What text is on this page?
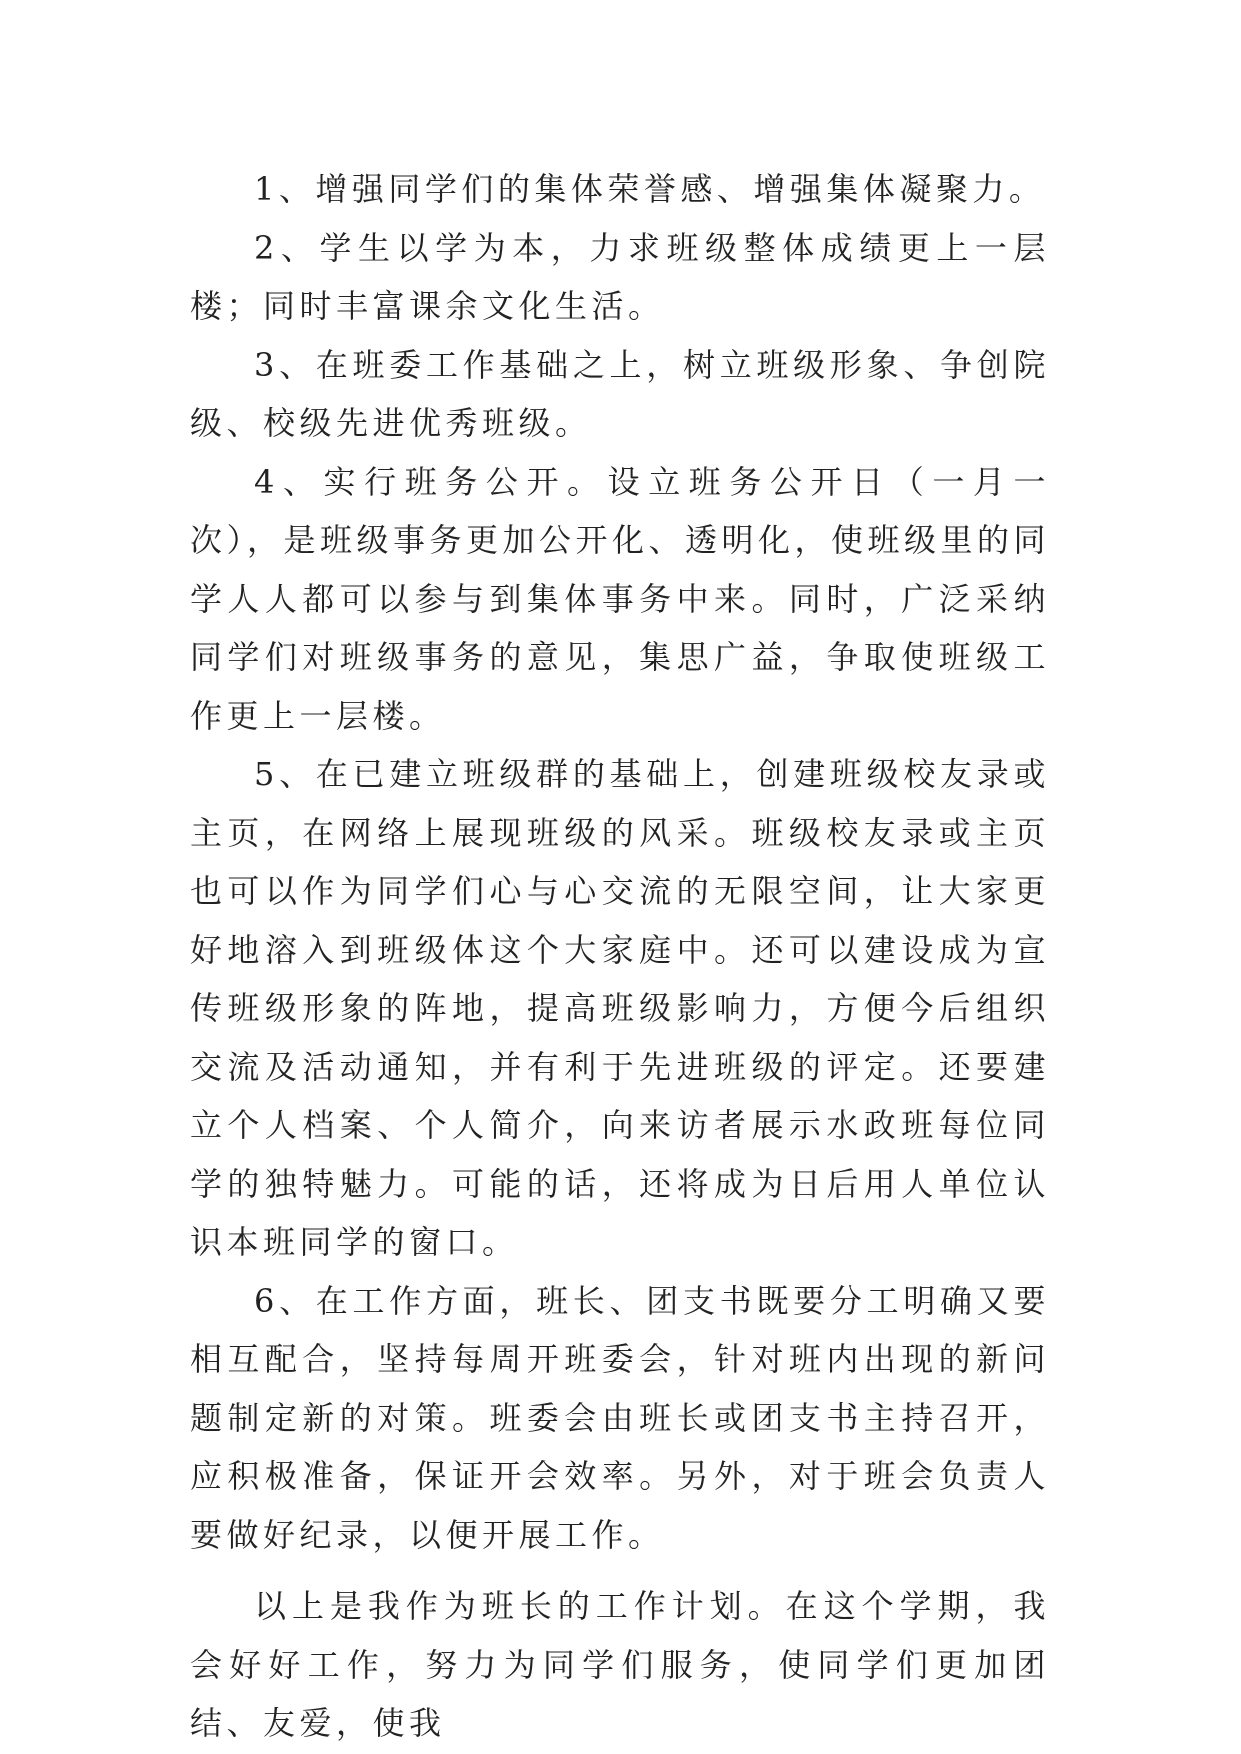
1、增强同学们的集体荣誉感、增强集体凝聚力。

2、学生以学为本，力求班级整体成绩更上一层楼；同时丰富课余文化生活。

3、在班委工作基础之上，树立班级形象、争创院级、校级先进优秀班级。

4、实行班务公开。设立班务公开日（一月一次），是班级事务更加公开化、透明化，使班级里的同学人人都可以参与到集体事务中来。同时，广泛采纳同学们对班级事务的意见，集思广益，争取使班级工作更上一层楼。

5、在已建立班级群的基础上，创建班级校友录或主页，在网络上展现班级的风采。班级校友录或主页也可以作为同学们心与心交流的无限空间，让大家更好地溶入到班级体这个大家庭中。还可以建设成为宣传班级形象的阵地，提高班级影响力，方便今后组织交流及活动通知，并有利于先进班级的评定。还要建立个人档案、个人简介，向来访者展示水政班每位同学的独特魅力。可能的话，还将成为日后用人单位认识本班同学的窗口。

6、在工作方面，班长、团支书既要分工明确又要相互配合，坚持每周开班委会，针对班内出现的新问题制定新的对策。班委会由班长或团支书主持召开，应积极准备，保证开会效率。另外，对于班会负责人要做好纪录，以便开展工作。

以上是我作为班长的工作计划。在这个学期，我会好好工作，努力为同学们服务，使同学们更加团结、友爱，使我
